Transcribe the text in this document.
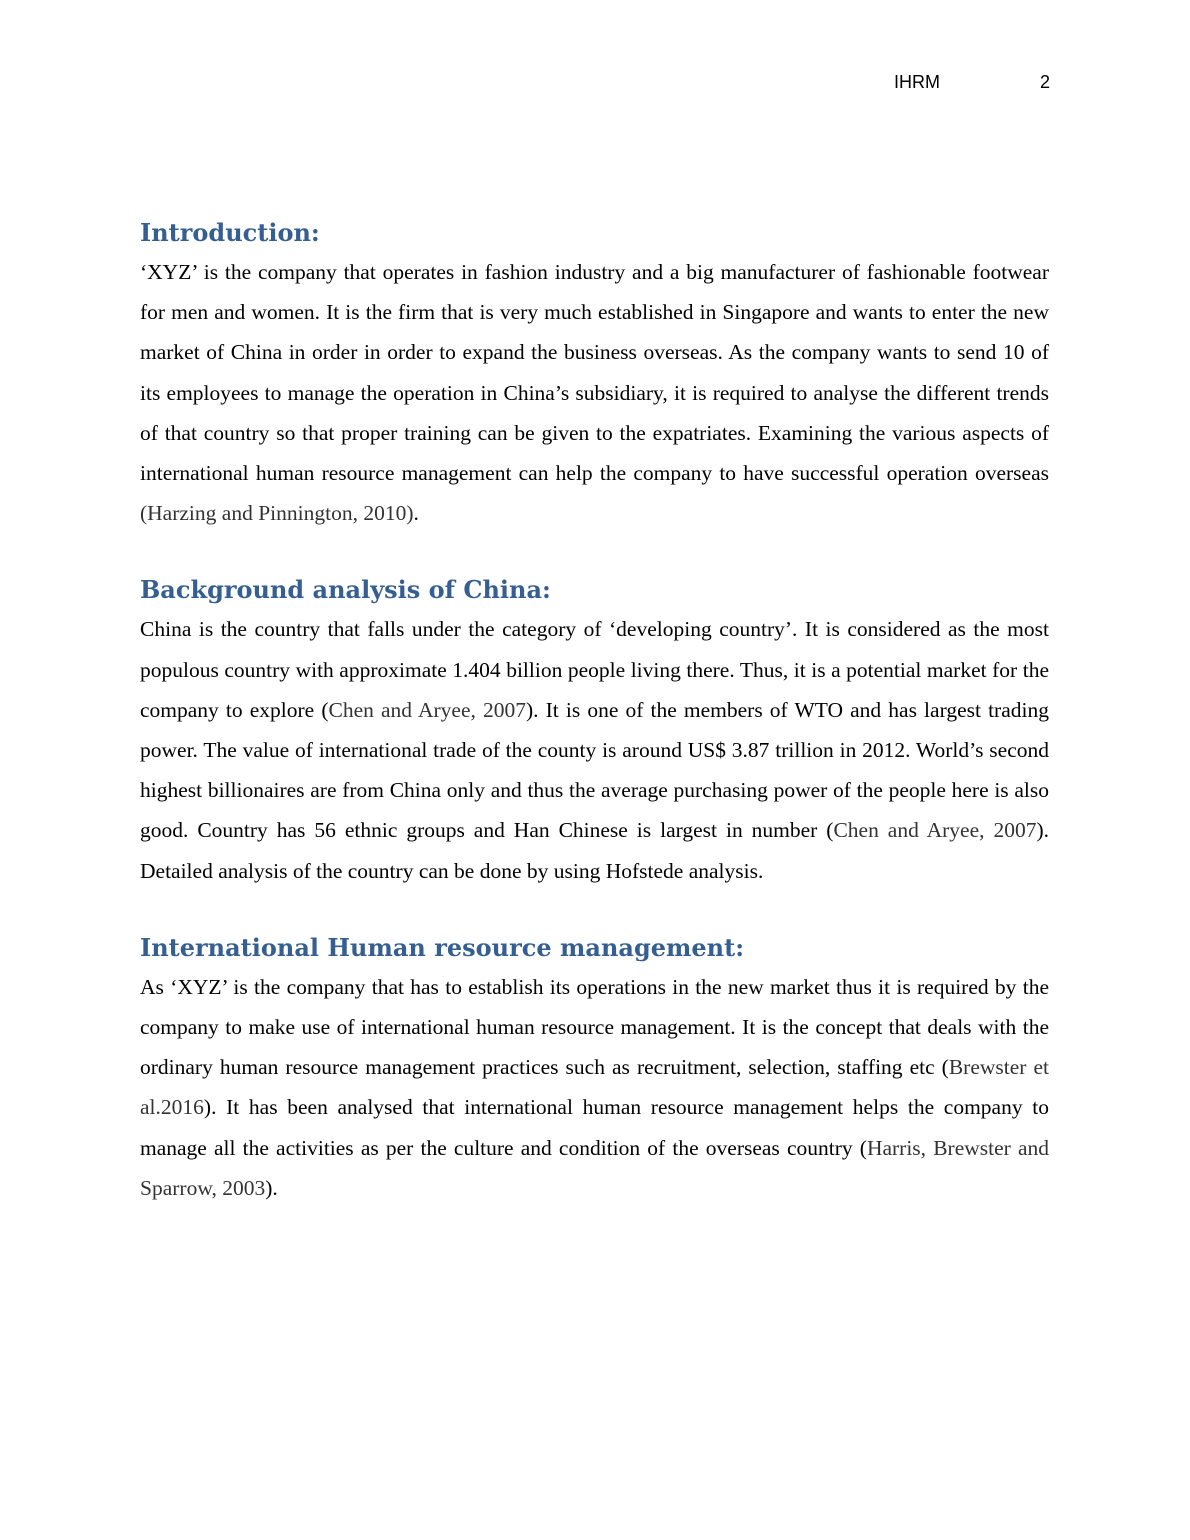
IHRM	2
Introduction:

‘XYZ’ is the company that operates in fashion industry and a big manufacturer of fashionable footwear for men and women. It is the firm that is very much established in Singapore and wants to enter the new market of China in order in order to expand the business overseas. As the company wants to send 10 of its employees to manage the operation in China’s subsidiary, it is required to analyse the different trends of that country so that proper training can be given to the expatriates. Examining the various aspects of international human resource management can help the company to have successful operation overseas (Harzing and Pinnington, 2010).

Background analysis of China:

China is the country that falls under the category of ‘developing country’. It is considered as the most populous country with approximate 1.404 billion people living there. Thus, it is a potential market for the company to explore (Chen and Aryee, 2007). It is one of the members of WTO and has largest trading power. The value of international trade of the county is around US$ 3.87 trillion in 2012. World’s second highest billionaires are from China only and thus the average purchasing power of the people here is also good. Country has 56 ethnic groups and Han Chinese is largest in number (Chen and Aryee, 2007). Detailed analysis of the country can be done by using Hofstede analysis.

International Human resource management:

As ‘XYZ’ is the company that has to establish its operations in the new market thus it is required by the company to make use of international human resource management. It is the concept that deals with the ordinary human resource management practices such as recruitment, selection, staffing etc (Brewster et al.2016). It has been analysed that international human resource management helps the company to manage all the activities as per the culture and condition of the overseas country (Harris, Brewster and Sparrow, 2003).
